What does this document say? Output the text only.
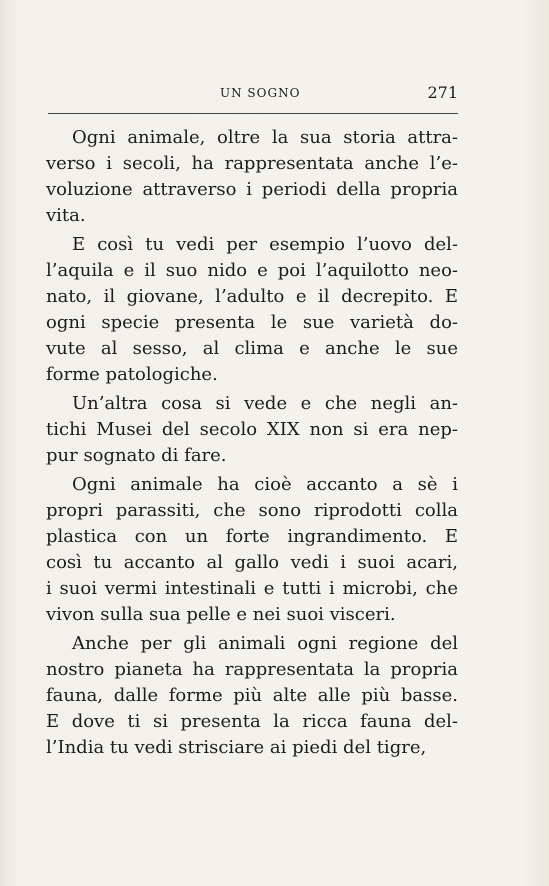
UN SOGNO	271
Ogni animale, oltre la sua storia attra-
verso i secoli, ha rappresentata anche l’e-
voluzione attraverso i periodi della propria
vita.
E così tu vedi per esempio l’uovo del-
l’aquila e il suo nido e poi l’aquilotto neo-
nato, il giovane, l’adulto e il decrepito. E
ogni specie presenta le sue varietà do-
vute al sesso, al clima e anche le sue
forme patologiche.
Un’altra cosa si vede e che negli an-
tichi Musei del secolo XIX non si era nep-
pur sognato di fare.
Ogni animale ha cioè accanto a sè i
propri parassiti, che sono riprodotti colla
plastica con un forte ingrandimento. E
così tu accanto al gallo vedi i suoi acari,
i suoi vermi intestinali e tutti i microbi, che
vivon sulla sua pelle e nei suoi visceri.
Anche per gli animali ogni regione del
nostro pianeta ha rappresentata la propria
fauna, dalle forme più alte alle più basse.
E dove ti si presenta la ricca fauna del-
l’India tu vedi strisciare ai piedi del tigre,
